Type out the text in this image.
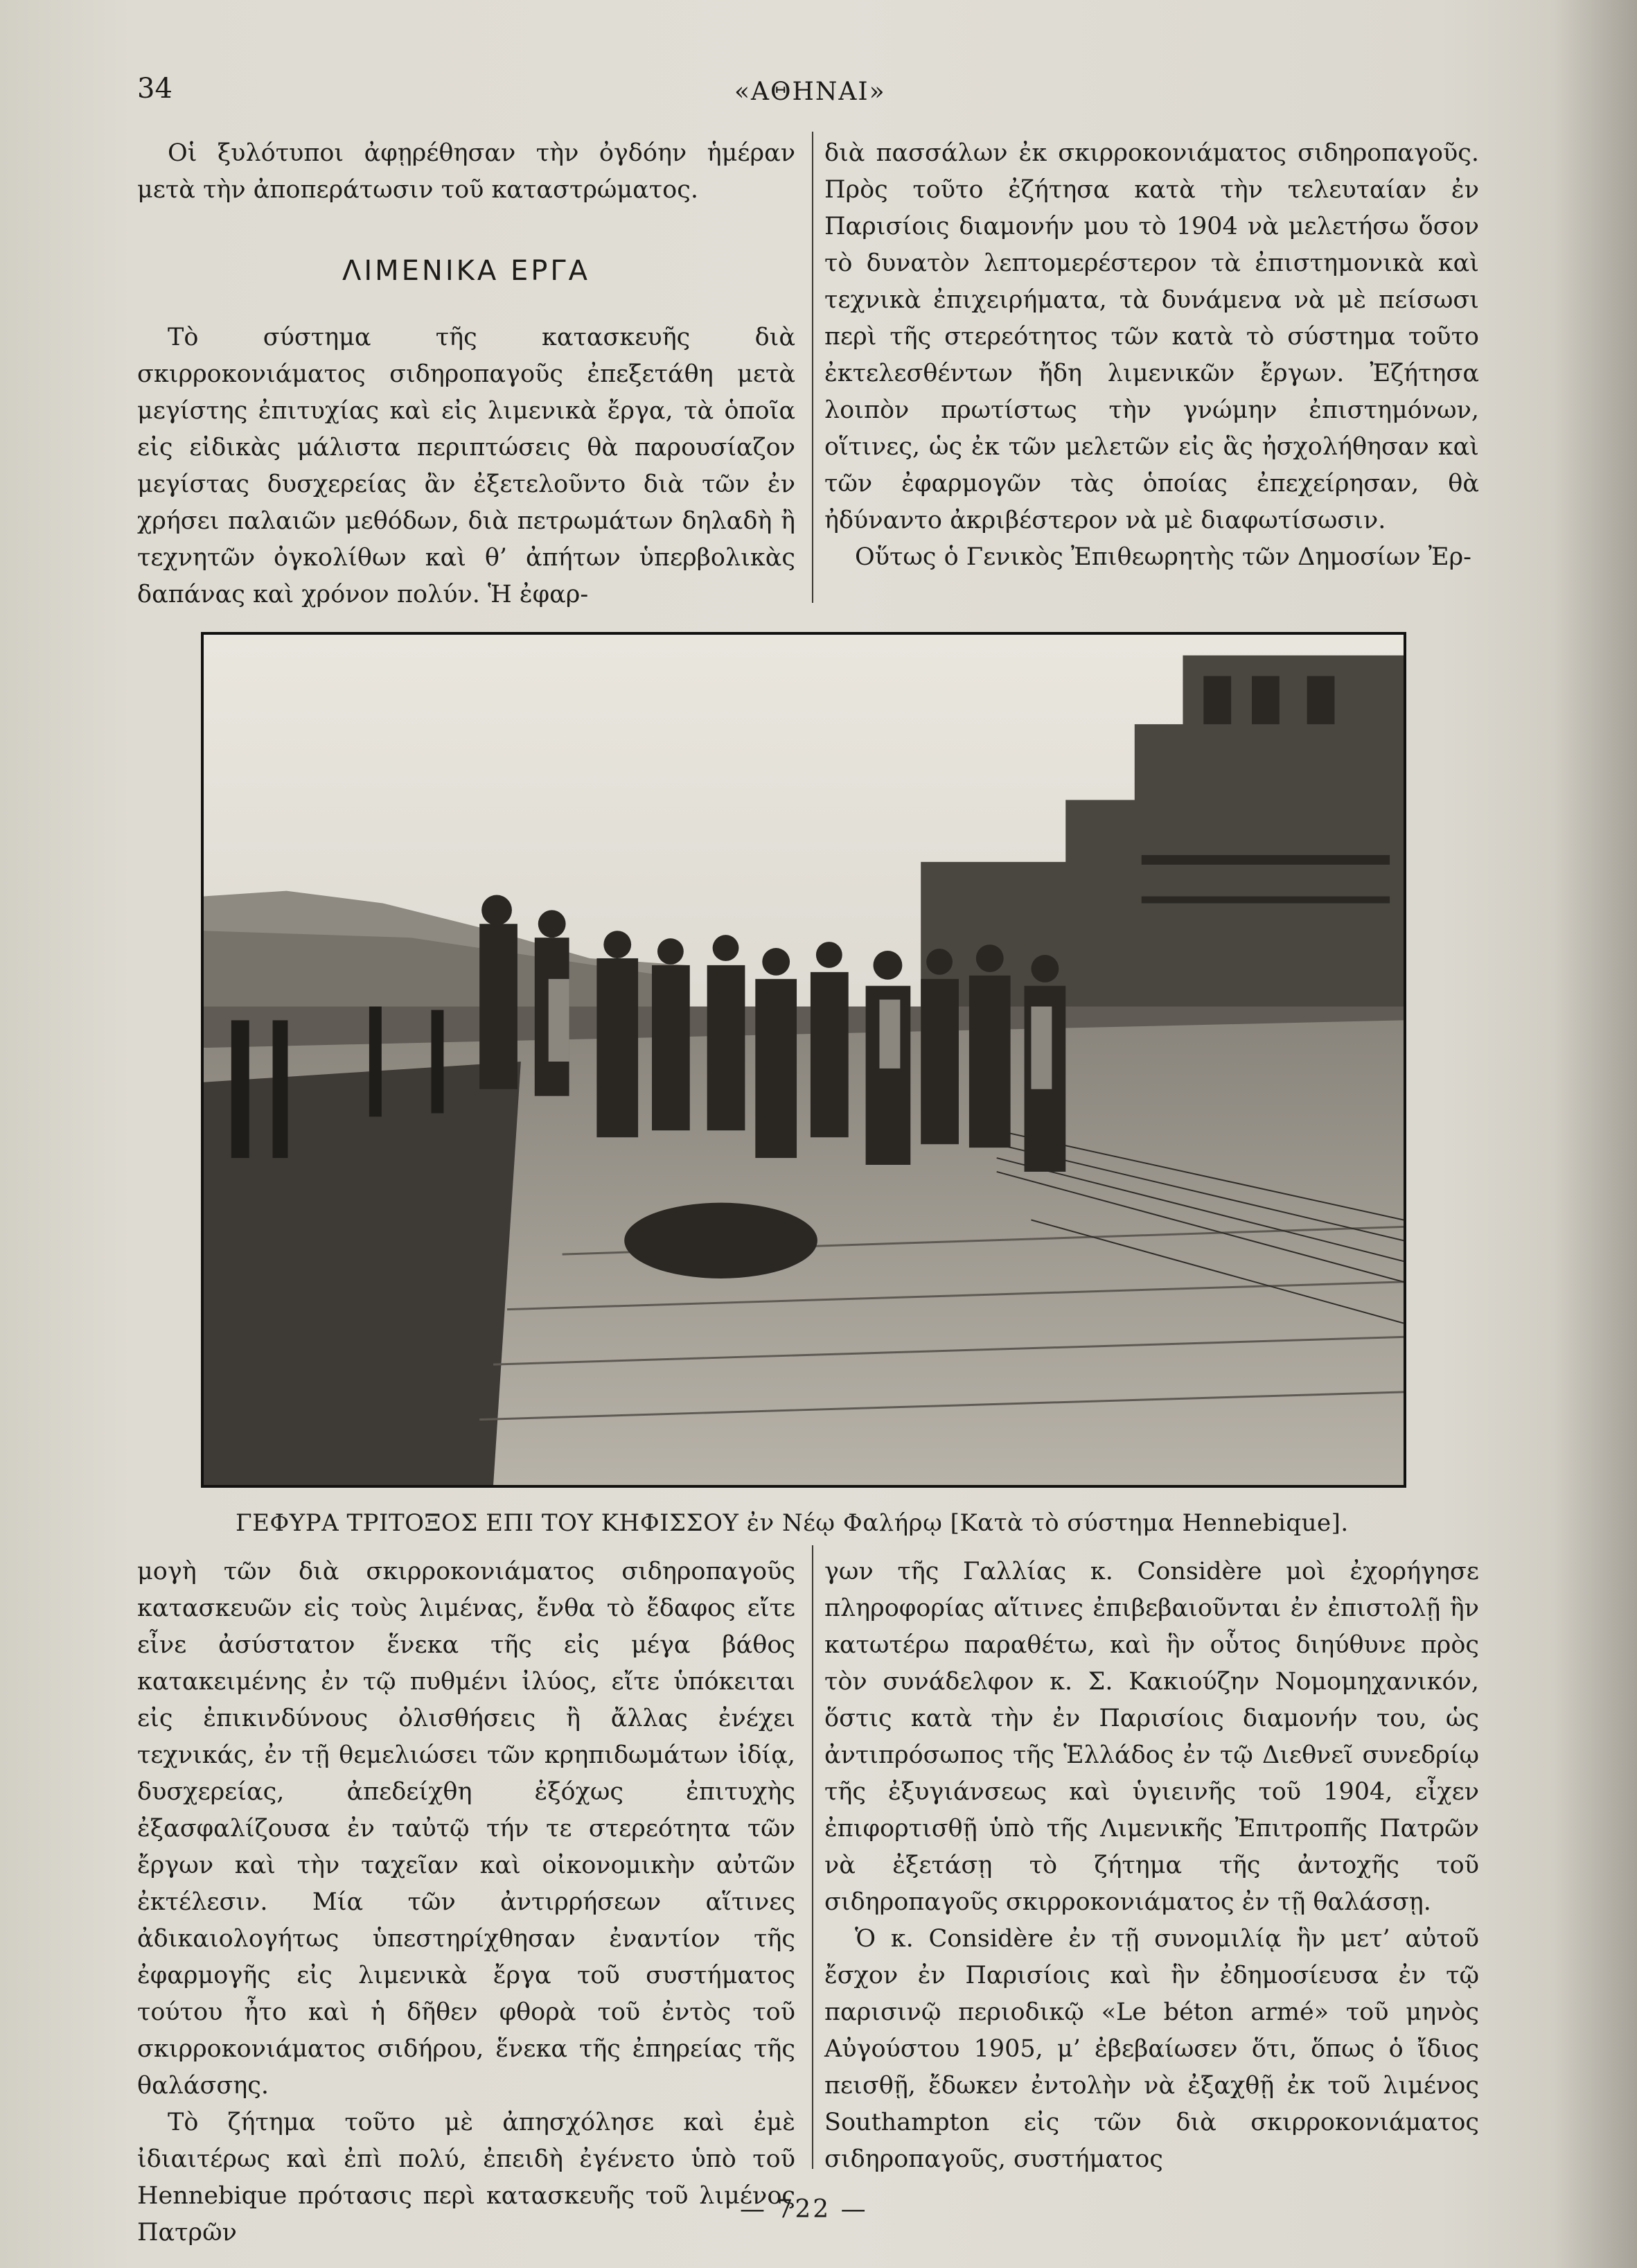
34	«ΑΘΗΝΑΙ»

Οἱ ξυλότυποι ἀφῃρέθησαν τὴν ὀγδόην ἡμέραν μετὰ τὴν ἀποπεράτωσιν τοῦ καταστρώματος.

ΛΙΜΕΝΙΚΑ ΕΡΓΑ

Τὸ σύστημα τῆς κατασκευῆς διὰ σκιρροκονιάματος σιδηροπαγοῦς ἐπεξετάθη μετὰ μεγίστης ἐπιτυχίας καὶ εἰς λιμενικὰ ἔργα, τὰ ὁποῖα εἰς εἰδικὰς μάλιστα περιπτώσεις θὰ παρουσίαζον μεγίστας δυσχερείας ἂν ἐξετελοῦντο διὰ τῶν ἐν χρήσει παλαιῶν μεθόδων, διὰ πετρωμάτων δηλαδὴ ἢ τεχνητῶν ὀγκολίθων καὶ θ’ ἀπήτων ὑπερβολικὰς δαπάνας καὶ χρόνον πολύν. Ἡ ἐφαρ-

διὰ πασσάλων ἐκ σκιρροκονιάματος σιδηροπαγοῦς. Πρὸς τοῦτο ἐζήτησα κατὰ τὴν τελευταίαν ἐν Παρισίοις διαμονήν μου τὸ 1904 νὰ μελετήσω ὅσον τὸ δυνατὸν λεπτομερέστερον τὰ ἐπιστημονικὰ καὶ τεχνικὰ ἐπιχειρήματα, τὰ δυνάμενα νὰ μὲ πείσωσι περὶ τῆς στερεότητος τῶν κατὰ τὸ σύστημα τοῦτο ἐκτελεσθέντων ἤδη λιμενικῶν ἔργων. Ἐζήτησα λοιπὸν πρωτίστως τὴν γνώμην ἐπιστημόνων, οἵτινες, ὡς ἐκ τῶν μελετῶν εἰς ἃς ἠσχολήθησαν καὶ τῶν ἐφαρμογῶν τὰς ὁποίας ἐπεχείρησαν, θὰ ἠδύναντο ἀκριβέστερον νὰ μὲ διαφωτίσωσιν.

Οὕτως ὁ Γενικὸς Ἐπιθεωρητὴς τῶν Δημοσίων Ἐρ-

ΓΕΦΥΡΑ ΤΡΙΤΟΞΟΣ ΕΠΙ ΤΟΥ ΚΗΦΙΣΣΟΥ ἐν Νέῳ Φαλήρῳ [Κατὰ τὸ σύστημα Hennebique].

μογὴ τῶν διὰ σκιρροκονιάματος σιδηροπαγοῦς κατασκευῶν εἰς τοὺς λιμένας, ἔνθα τὸ ἔδαφος εἴτε εἶνε ἀσύστατον ἕνεκα τῆς εἰς μέγα βάθος κατακειμένης ἐν τῷ πυθμένι ἰλύος, εἴτε ὑπόκειται εἰς ἐπικινδύνους ὀλισθήσεις ἢ ἄλλας ἐνέχει τεχνικάς, ἐν τῇ θεμελιώσει τῶν κρηπιδωμάτων ἰδίᾳ, δυσχερείας, ἀπεδείχθη ἐξόχως ἐπιτυχὴς ἐξασφαλίζουσα ἐν ταὐτῷ τήν τε στερεότητα τῶν ἔργων καὶ τὴν ταχεῖαν καὶ οἰκονομικὴν αὐτῶν ἐκτέλεσιν. Μία τῶν ἀντιρρήσεων αἵτινες ἀδικαιολογήτως ὑπεστηρίχθησαν ἐναντίον τῆς ἐφαρμογῆς εἰς λιμενικὰ ἔργα τοῦ συστήματος τούτου ἦτο καὶ ἡ δῆθεν φθορὰ τοῦ ἐντὸς τοῦ σκιρροκονιάματος σιδήρου, ἕνεκα τῆς ἐπηρείας τῆς θαλάσσης.

Τὸ ζήτημα τοῦτο μὲ ἀπησχόλησε καὶ ἐμὲ ἰδιαιτέρως καὶ ἐπὶ πολύ, ἐπειδὴ ἐγένετο ὑπὸ τοῦ Hennebique πρότασις περὶ κατασκευῆς τοῦ λιμένος Πατρῶν

γων τῆς Γαλλίας κ. Considère μοὶ ἐχορήγησε πληροφορίας αἵτινες ἐπιβεβαιοῦνται ἐν ἐπιστολῇ ἣν κατωτέρω παραθέτω, καὶ ἣν οὗτος διηύθυνε πρὸς τὸν συνάδελφον κ. Σ. Κακιούζην Νομομηχανικόν, ὅστις κατὰ τὴν ἐν Παρισίοις διαμονήν του, ὡς ἀντιπρόσωπος τῆς Ἑλλάδος ἐν τῷ Διεθνεῖ συνεδρίῳ τῆς ἐξυγιάνσεως καὶ ὑγιεινῆς τοῦ 1904, εἶχεν ἐπιφορτισθῇ ὑπὸ τῆς Λιμενικῆς Ἐπιτροπῆς Πατρῶν νὰ ἐξετάσῃ τὸ ζήτημα τῆς ἀντοχῆς τοῦ σιδηροπαγοῦς σκιρροκονιάματος ἐν τῇ θαλάσσῃ.

Ὁ κ. Considère ἐν τῇ συνομιλίᾳ ἣν μετ’ αὐτοῦ ἔσχον ἐν Παρισίοις καὶ ἣν ἐδημοσίευσα ἐν τῷ παρισινῷ περιοδικῷ «Le béton armé» τοῦ μηνὸς Αὐγούστου 1905, μ’ ἐβεβαίωσεν ὅτι, ὅπως ὁ ἴδιος πεισθῇ, ἔδωκεν ἐντολὴν νὰ ἐξαχθῇ ἐκ τοῦ λιμένος Southampton εἰς τῶν διὰ σκιρροκονιάματος σιδηροπαγοῦς, συστήματος

— 722 —
